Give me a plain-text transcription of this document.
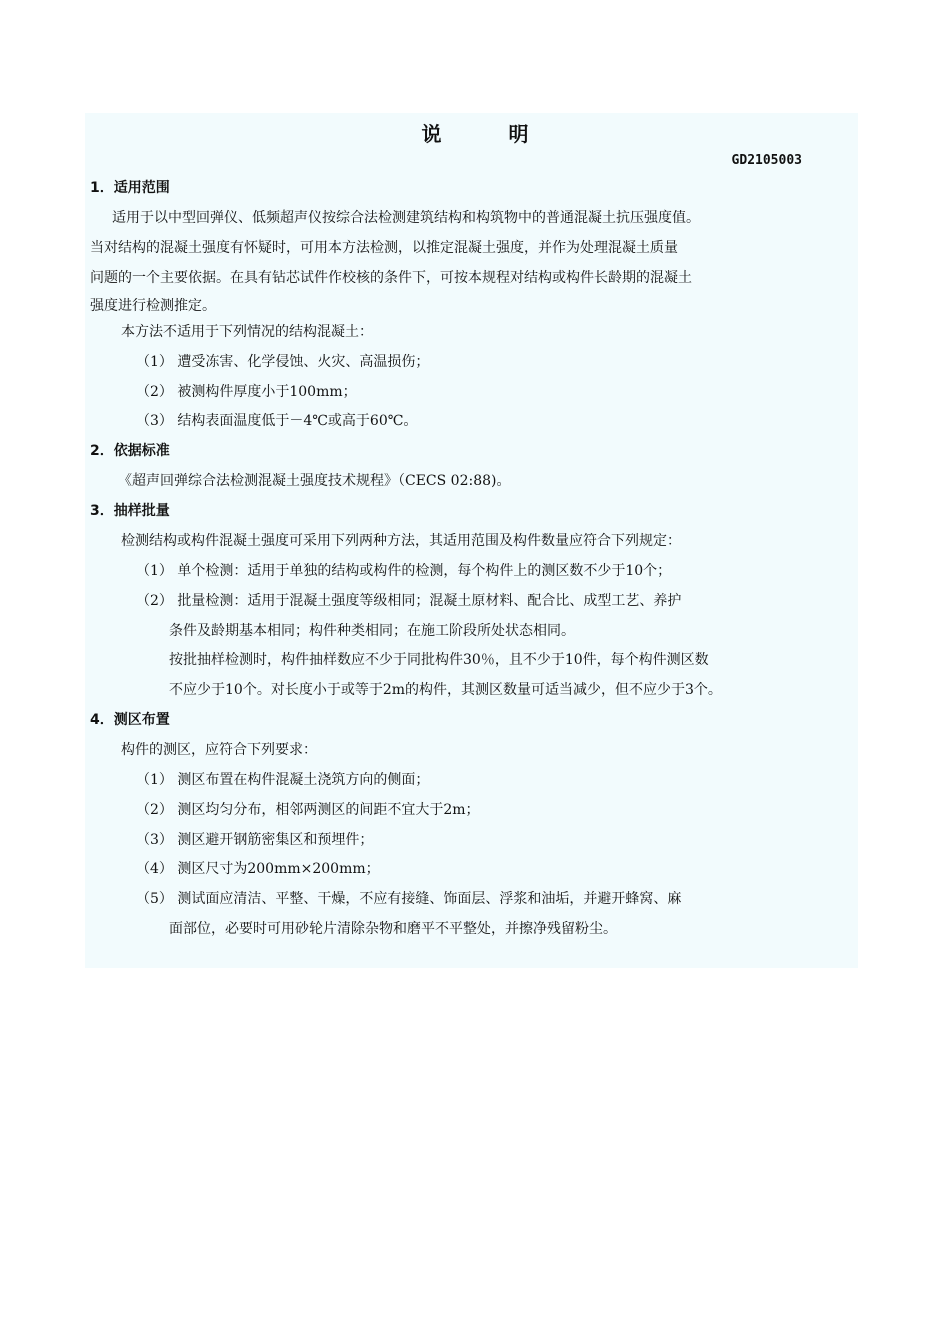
说 明
GD2105003
1．适用范围
适用于以中型回弹仪、低频超声仪按综合法检测建筑结构和构筑物中的普通混凝土抗压强度值。
当对结构的混凝土强度有怀疑时，可用本方法检测，以推定混凝土强度，并作为处理混凝土质量
问题的一个主要依据。在具有钻芯试件作校核的条件下，可按本规程对结构或构件长龄期的混凝土
强度进行检测推定。
本方法不适用于下列情况的结构混凝土：
（1） 遭受冻害、化学侵蚀、火灾、高温损伤；
（2） 被测构件厚度小于100mm；
（3） 结构表面温度低于－4℃或高于60℃。
2．依据标准
《超声回弹综合法检测混凝土强度技术规程》（CECS 02:88)。
3．抽样批量
检测结构或构件混凝土强度可采用下列两种方法，其适用范围及构件数量应符合下列规定：
（1） 单个检测：适用于单独的结构或构件的检测，每个构件上的测区数不少于10个；
（2） 批量检测：适用于混凝土强度等级相同；混凝土原材料、配合比、成型工艺、养护
条件及龄期基本相同；构件种类相同；在施工阶段所处状态相同。
按批抽样检测时，构件抽样数应不少于同批构件30％，且不少于10件，每个构件测区数
不应少于10个。对长度小于或等于2m的构件，其测区数量可适当减少，但不应少于3个。
4．测区布置
构件的测区，应符合下列要求：
（1） 测区布置在构件混凝土浇筑方向的侧面；
（2） 测区均匀分布，相邻两测区的间距不宜大于2m；
（3） 测区避开钢筋密集区和预埋件；
（4） 测区尺寸为200mm×200mm；
（5） 测试面应清洁、平整、干燥，不应有接缝、饰面层、浮浆和油垢，并避开蜂窝、麻
面部位，必要时可用砂轮片清除杂物和磨平不平整处，并擦净残留粉尘。
